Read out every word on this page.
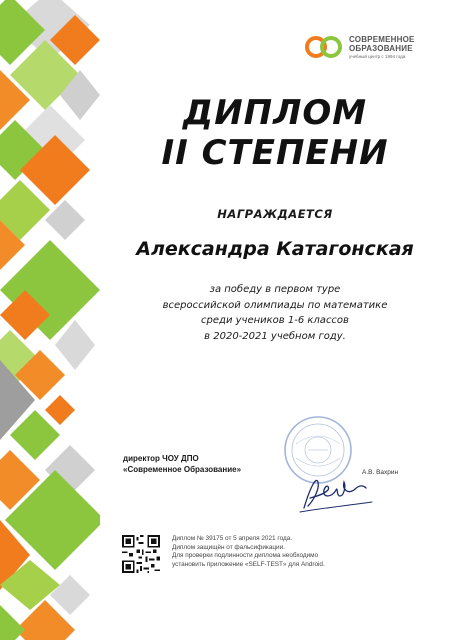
СОВРЕМЕННОЕ
ОБРАЗОВАНИЕ
учебный центр с 1994 года
ДИПЛОМ
II СТЕПЕНИ
НАГРАЖДАЕТСЯ
Александра Катагонская
за победу в первом туре
всероссийской олимпиады по математике
среди учеников 1-6 классов
в 2020-2021 учебном году.
директор ЧОУ ДПО
«Современное Образование»	А.В. Вахрин
Диплом № 39175 от 5 апреля 2021 года.
Диплом защищён от фальсификации.
Для проверки подлинности диплома необходимо
установить приложение «SELF-TEST» для Android.
